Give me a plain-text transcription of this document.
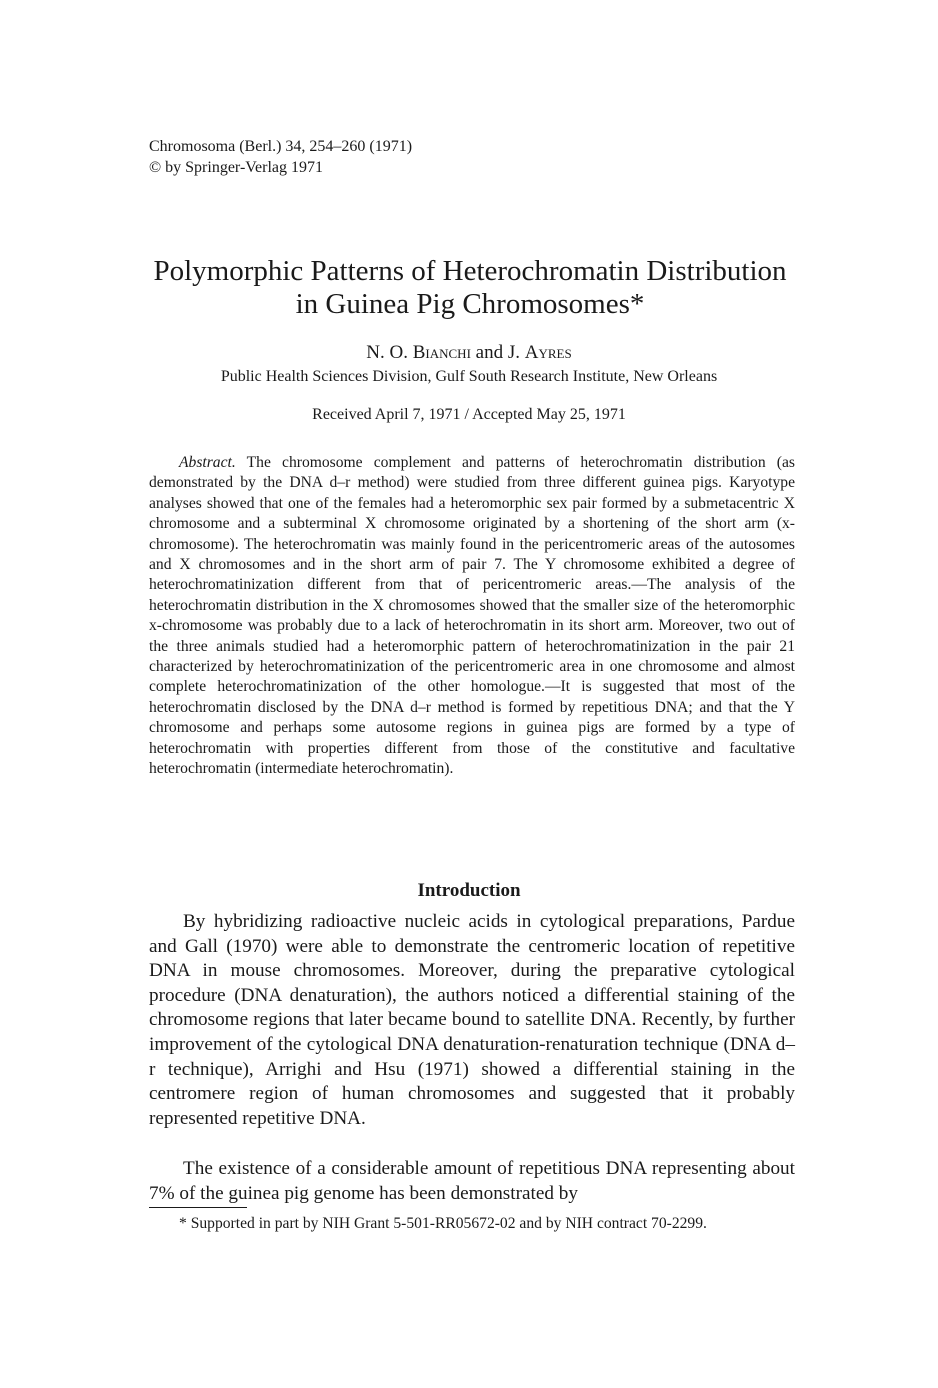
Chromosoma (Berl.) 34, 254–260 (1971)
© by Springer-Verlag 1971
Polymorphic Patterns of Heterochromatin Distribution
in Guinea Pig Chromosomes*
N. O. Bianchi and J. Ayres
Public Health Sciences Division, Gulf South Research Institute, New Orleans
Received April 7, 1971 / Accepted May 25, 1971
Abstract. The chromosome complement and patterns of heterochromatin distribution (as demonstrated by the DNA d–r method) were studied from three different guinea pigs. Karyotype analyses showed that one of the females had a heteromorphic sex pair formed by a submetacentric X chromosome and a subterminal X chromosome originated by a shortening of the short arm (x-chromosome). The heterochromatin was mainly found in the pericentromeric areas of the autosomes and X chromosomes and in the short arm of pair 7. The Y chromosome exhibited a degree of heterochromatinization different from that of pericentromeric areas.—The analysis of the heterochromatin distribution in the X chromosomes showed that the smaller size of the heteromorphic x-chromosome was probably due to a lack of heterochromatin in its short arm. Moreover, two out of the three animals studied had a heteromorphic pattern of heterochromatinization in the pair 21 characterized by heterochromatinization of the pericentromeric area in one chromosome and almost complete heterochromatinization of the other homologue.—It is suggested that most of the heterochromatin disclosed by the DNA d–r method is formed by repetitious DNA; and that the Y chromosome and perhaps some autosome regions in guinea pigs are formed by a type of heterochromatin with properties different from those of the constitutive and facultative heterochromatin (intermediate heterochromatin).
Introduction

By hybridizing radioactive nucleic acids in cytological preparations, Pardue and Gall (1970) were able to demonstrate the centromeric location of repetitive DNA in mouse chromosomes. Moreover, during the preparative cytological procedure (DNA denaturation), the authors noticed a differential staining of the chromosome regions that later became bound to satellite DNA. Recently, by further improvement of the cytological DNA denaturation-renaturation technique (DNA d–r technique), Arrighi and Hsu (1971) showed a differential staining in the centromere region of human chromosomes and suggested that it probably represented repetitive DNA.

The existence of a considerable amount of repetitious DNA representing about 7% of the guinea pig genome has been demonstrated by

* Supported in part by NIH Grant 5-501-RR05672-02 and by NIH contract 70-2299.
